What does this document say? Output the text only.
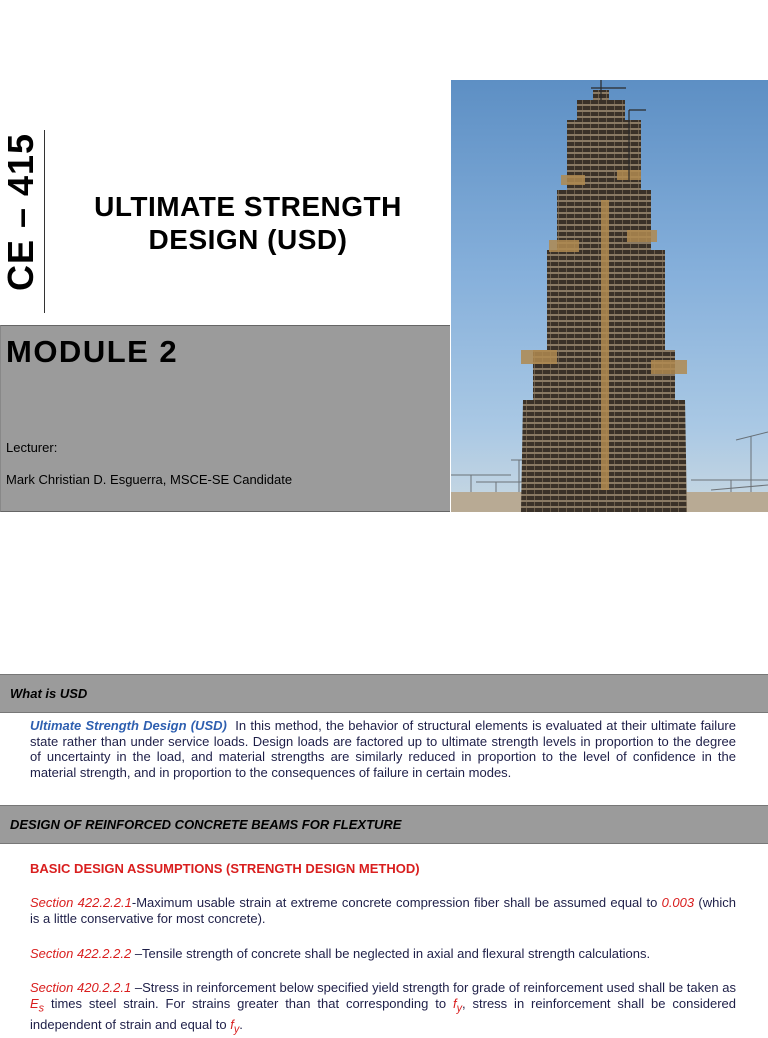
CE – 415	ULTIMATE STRENGTH
DESIGN (USD)
MODULE 2
Lecturer:
Mark Christian D. Esguerra, MSCE-SE Candidate
What is USD
Ultimate Strength Design (USD) In this method, the behavior of structural elements is evaluated at their ultimate failure state rather than under service loads. Design loads are factored up to ultimate strength levels in proportion to the degree of uncertainty in the load, and material strengths are similarly reduced in proportion to the level of confidence in the material strength, and in proportion to the consequences of failure in certain modes.
DESIGN OF REINFORCED CONCRETE BEAMS FOR FLEXTURE
BASIC DESIGN ASSUMPTIONS (STRENGTH DESIGN METHOD)
Section 422.2.2.1-Maximum usable strain at extreme concrete compression fiber shall be assumed equal to 0.003 (which is a little conservative for most concrete).
Section 422.2.2.2 –Tensile strength of concrete shall be neglected in axial and flexural strength calculations.
Section 420.2.2.1 –Stress in reinforcement below specified yield strength for grade of reinforcement used shall be taken as $E_s$ times steel strain. For strains greater than that corresponding to $f_y$, stress in reinforcement shall be considered independent of strain and equal to $f_y$.
